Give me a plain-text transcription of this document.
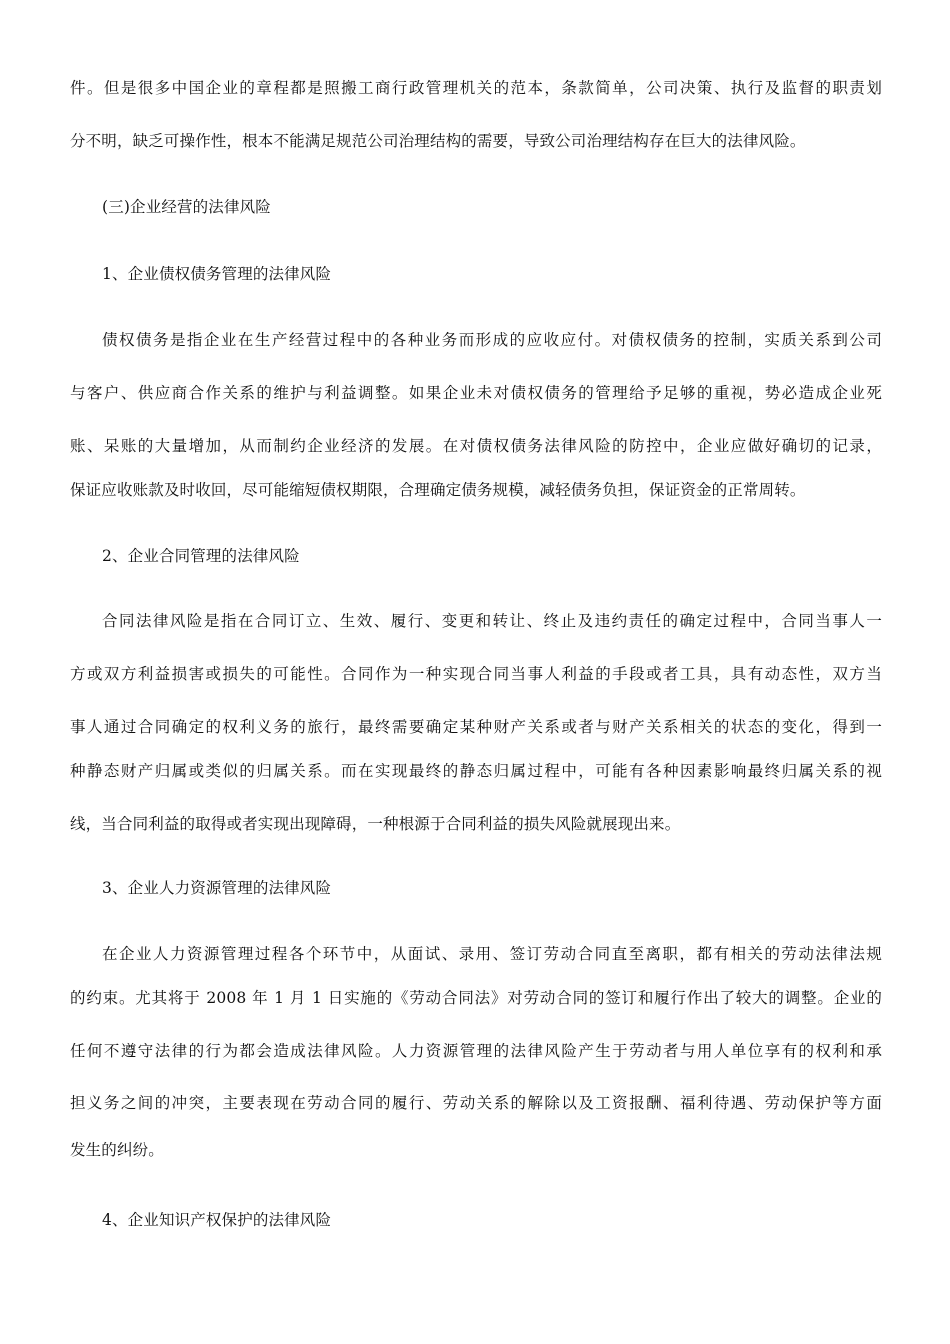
件。但是很多中国企业的章程都是照搬工商行政管理机关的范本，条款简单，公司决策、执行及监督的职责划
分不明，缺乏可操作性，根本不能满足规范公司治理结构的需要，导致公司治理结构存在巨大的法律风险。
(三)企业经营的法律风险
1、企业债权债务管理的法律风险
债权债务是指企业在生产经营过程中的各种业务而形成的应收应付。对债权债务的控制，实质关系到公司
与客户、供应商合作关系的维护与利益调整。如果企业未对债权债务的管理给予足够的重视，势必造成企业死
账、呆账的大量增加，从而制约企业经济的发展。在对债权债务法律风险的防控中，企业应做好确切的记录，
保证应收账款及时收回，尽可能缩短债权期限，合理确定债务规模，减轻债务负担，保证资金的正常周转。
2、企业合同管理的法律风险
合同法律风险是指在合同订立、生效、履行、变更和转让、终止及违约责任的确定过程中，合同当事人一
方或双方利益损害或损失的可能性。合同作为一种实现合同当事人利益的手段或者工具，具有动态性，双方当
事人通过合同确定的权利义务的旅行，最终需要确定某种财产关系或者与财产关系相关的状态的变化，得到一
种静态财产归属或类似的归属关系。而在实现最终的静态归属过程中，可能有各种因素影响最终归属关系的视
线，当合同利益的取得或者实现出现障碍，一种根源于合同利益的损失风险就展现出来。
3、企业人力资源管理的法律风险
在企业人力资源管理过程各个环节中，从面试、录用、签订劳动合同直至离职，都有相关的劳动法律法规
的约束。尤其将于 2008 年 1 月 1 日实施的《劳动合同法》对劳动合同的签订和履行作出了较大的调整。企业的
任何不遵守法律的行为都会造成法律风险。人力资源管理的法律风险产生于劳动者与用人单位享有的权利和承
担义务之间的冲突，主要表现在劳动合同的履行、劳动关系的解除以及工资报酬、福利待遇、劳动保护等方面
发生的纠纷。
4、企业知识产权保护的法律风险
